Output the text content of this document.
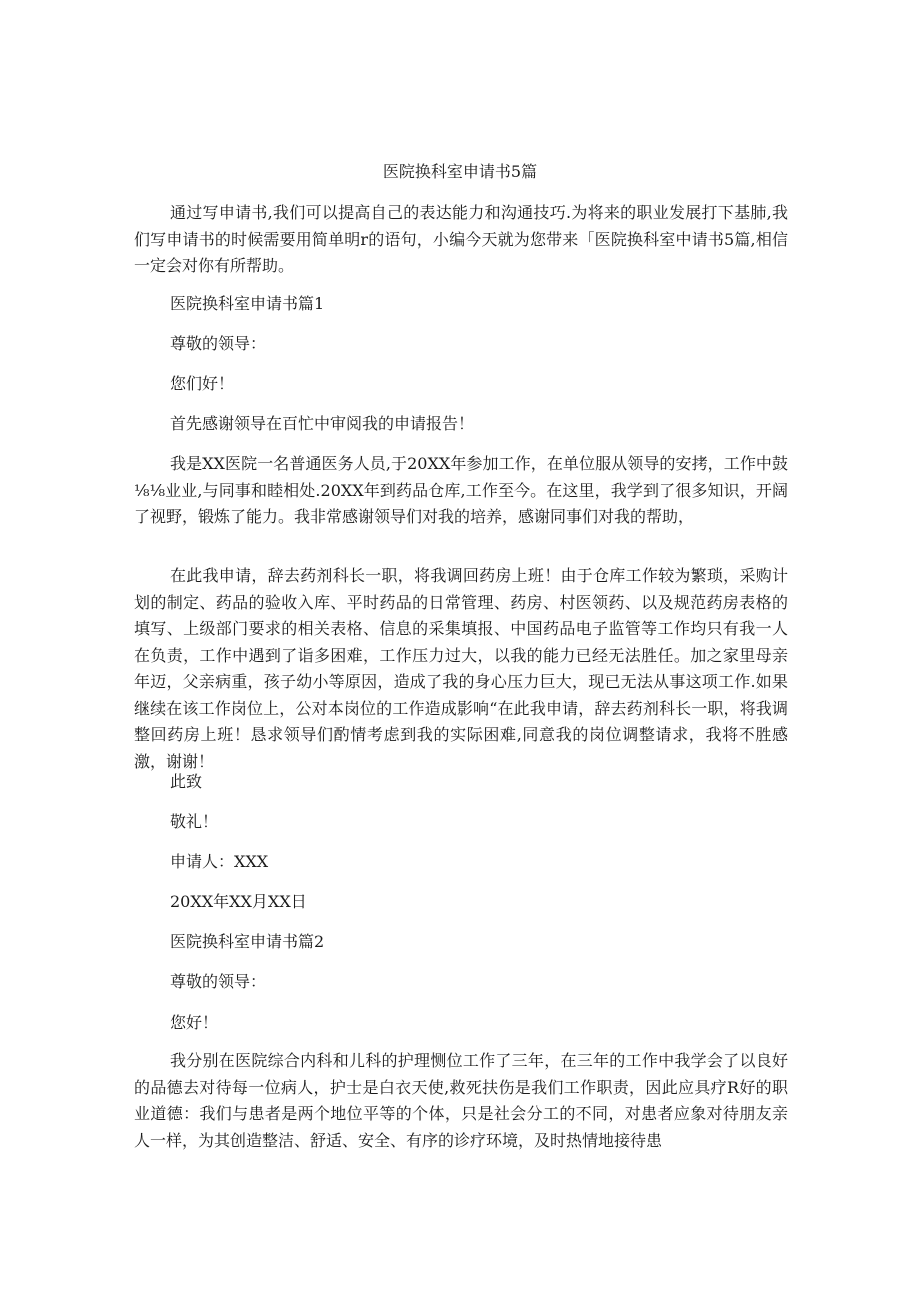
医院换科室申请书5篇

通过写申请书,我们可以提高自己的表达能力和沟通技巧.为将来的职业发展打下基肺,我们写申请书的时候需要用简单明r的语句，小编今天就为您带来「医院换科室中请书5篇,相信一定会对你有所帮助。

医院换科室申请书篇1

尊敬的领导：

您们好！

首先感谢领导在百忙中审阅我的申请报告！

我是XX医院一名普通医务人员,于20XX年参加工作，在单位服从领导的安拷，工作中鼓⅛⅛业业,与同事和睦相处.20XX年到药品仓库,工作至今。在这里，我学到了很多知识，开阔了视野，锻炼了能力。我非常感谢领导们对我的培养，感谢同事们对我的帮助，

在此我申请，辞去药剂科长一职，将我调回药房上班！由于仓库工作较为繁琐，采购计划的制定、药品的验收入库、平时药品的日常管理、药房、村医领药、以及规范药房表格的填写、上级部门要求的相关表格、信息的采集填报、中国药品电子监管等工作均只有我一人在负责，工作中遇到了诣多困难，工作压力过大，以我的能力已经无法胜任。加之家里母亲年迈，父亲病重，孩子幼小等原因，造成了我的身心压力巨大，现已无法从事这项工作.如果继续在该工作岗位上，公对本岗位的工作造成影响“在此我申请，辞去药剂科长一职，将我调整回药房上班！恳求领导们酌情考虑到我的实际困难,同意我的岗位调整请求，我将不胜感激，谢谢！

此致

敬礼！

申请人：XXX

20XX年XX月XX日

医院换科室申请书篇2

尊敬的领导：

您好！

我分别在医院综合内科和儿科的护理恻位工作了三年，在三年的工作中我学会了以良好的品德去对待每一位病人，护士是白衣天使,救死扶伤是我们工作职责，因此应具疗R好的职业道德：我们与患者是两个地位平等的个体，只是社会分工的不同，对患者应象对待朋友亲人一样，为其创造整洁、舒适、安全、有序的诊疗环境，及时热情地接待患
